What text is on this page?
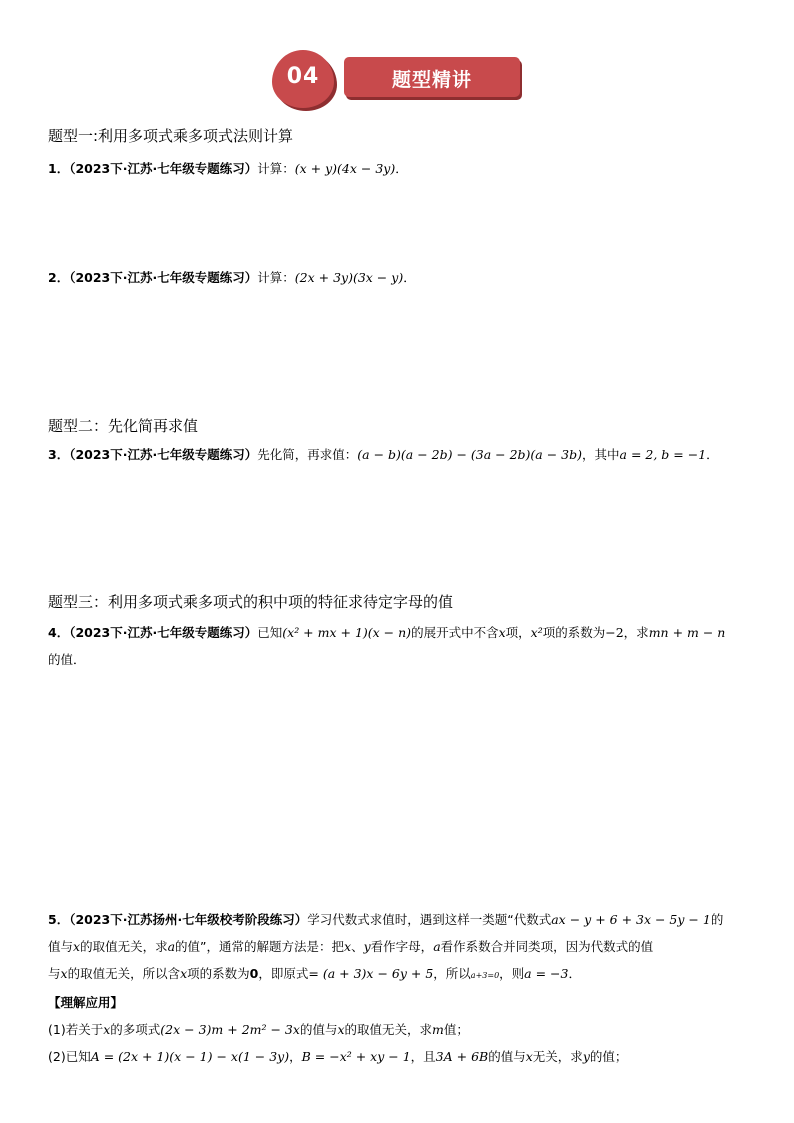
04	题型精讲
题型一:利用多项式乘多项式法则计算
1．（2023下·江苏·七年级专题练习）计算：(x + y)(4x − 3y)．
2．（2023下·江苏·七年级专题练习）计算：(2x + 3y)(3x − y)．
题型二：先化简再求值
3．（2023下·江苏·七年级专题练习）先化简，再求值：(a − b)(a − 2b) − (3a − 2b)(a − 3b)，其中a = 2, b = −1．
题型三：利用多项式乘多项式的积中项的特征求待定字母的值
4．（2023下·江苏·七年级专题练习）已知(x² + mx + 1)(x − n)的展开式中不含x项，x²项的系数为−2，求mn + m − n
的值．
5．（2023下·江苏扬州·七年级校考阶段练习）学习代数式求值时，遇到这样一类题“代数式ax − y + 6 + 3x − 5y − 1的
值与x的取值无关，求a的值”，通常的解题方法是：把x、y看作字母，a看作系数合并同类项，因为代数式的值
与x的取值无关，所以含x项的系数为0，即原式= (a + 3)x − 6y + 5，所以a+3=0，则a = −3．
【理解应用】
(1)若关于x的多项式(2x − 3)m + 2m² − 3x的值与x的取值无关，求m值；
(2)已知A = (2x + 1)(x − 1) − x(1 − 3y)，B = −x² + xy − 1，且3A + 6B的值与x无关，求y的值；
